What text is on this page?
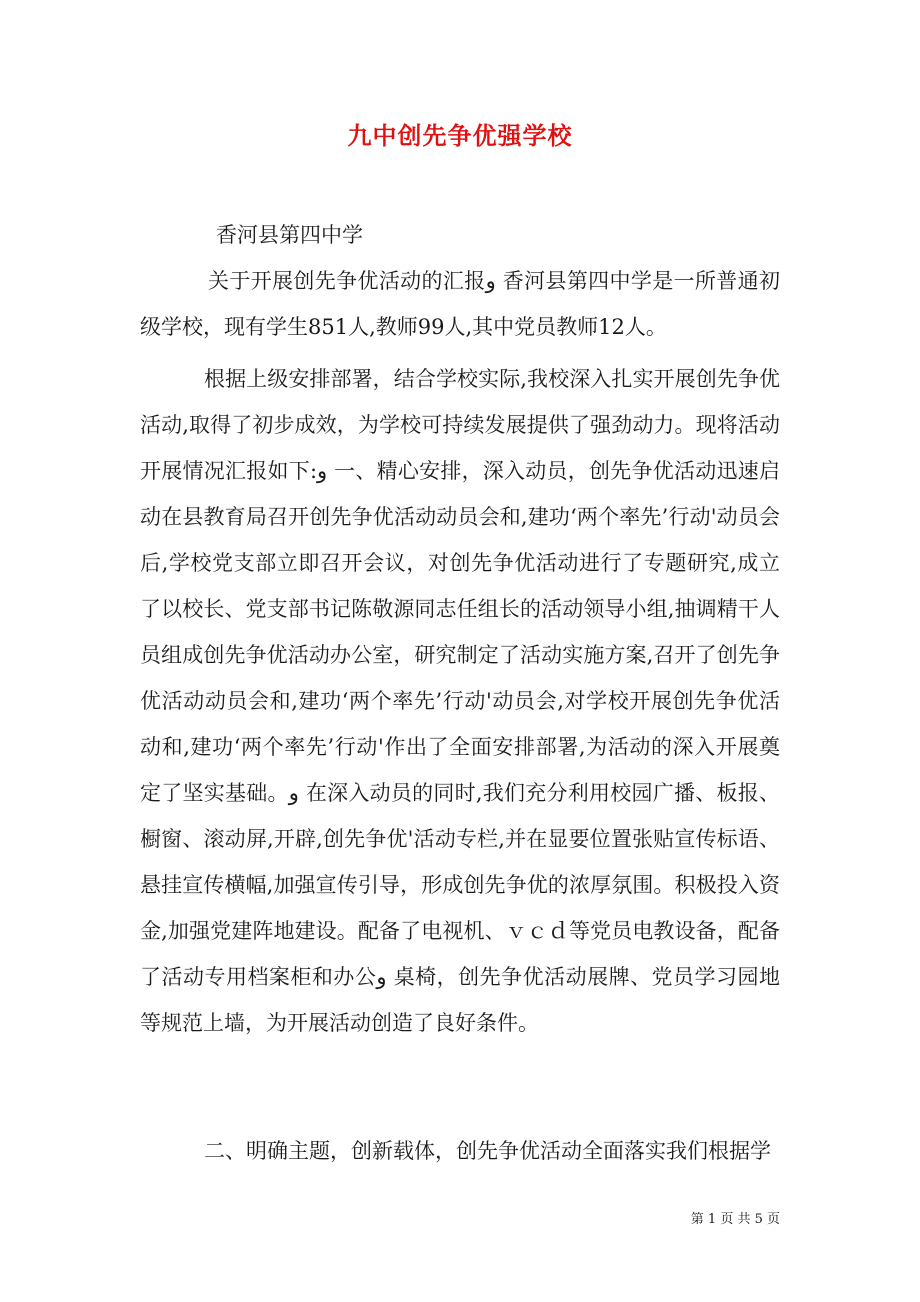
九中创先争优强学校
香河县第四中学

关于开展创先争优活动的汇报و 香河县第四中学是一所普通初级学校，现有学生851人,教师99人,其中党员教师12人。

根据上级安排部署，结合学校实际,我校深入扎实开展创先争优活动,取得了初步成效，为学校可持续发展提供了强劲动力。现将活动开展情况汇报如下:و 一、精心安排，深入动员，创先争优活动迅速启动在县教育局召开创先争优活动动员会和,建功‘两个率先’行动'动员会后,学校党支部立即召开会议，对创先争优活动进行了专题研究,成立了以校长、党支部书记陈敬源同志任组长的活动领导小组,抽调精干人员组成创先争优活动办公室，研究制定了活动实施方案,召开了创先争优活动动员会和,建功‘两个率先’行动'动员会,对学校开展创先争优活动和,建功‘两个率先’行动'作出了全面安排部署,为活动的深入开展奠定了坚实基础。و 在深入动员的同时,我们充分利用校园广播、板报、橱窗、滚动屏,开辟,创先争优'活动专栏,并在显要位置张贴宣传标语、悬挂宣传横幅,加强宣传引导，形成创先争优的浓厚氛围。积极投入资金,加强党建阵地建设。配备了电视机、ｖｃｄ等党员电教设备，配备了活动专用档案柜和办公و 桌椅，创先争优活动展牌、党员学习园地等规范上墙，为开展活动创造了良好条件。

二、明确主题，创新载体，创先争优活动全面落实我们根据学

第 1 页 共 5 页
